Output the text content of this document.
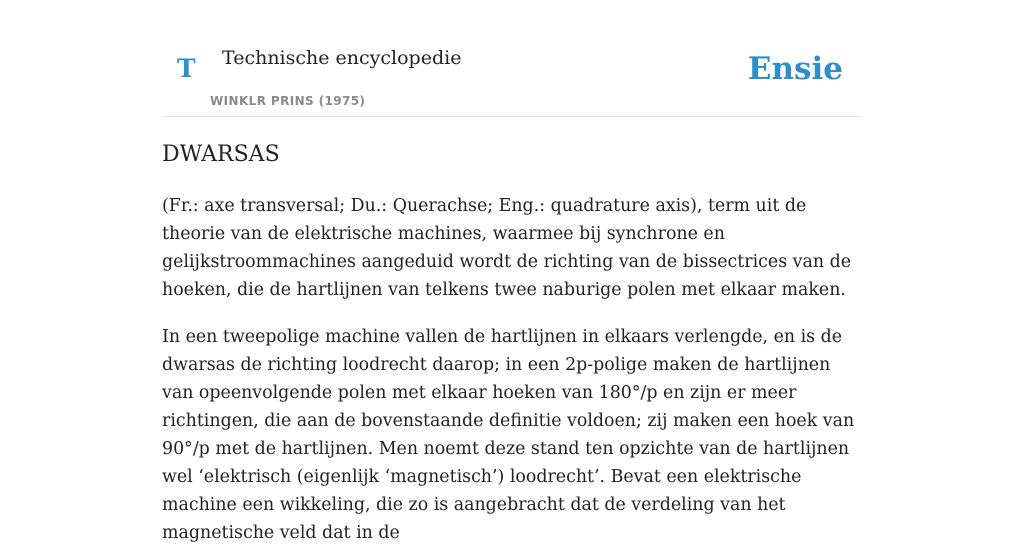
T Technische encyclopedie
WINKLR PRINS (1975)
Ensie
DWARSAS

(Fr.: axe transversal; Du.: Querachse; Eng.: quadrature axis), term uit de theorie van de elektrische machines, waarmee bij synchrone en gelijkstroommachines aangeduid wordt de richting van de bissectrices van de hoeken, die de hartlijnen van telkens twee naburige polen met elkaar maken.

In een tweepolige machine vallen de hartlijnen in elkaars verlengde, en is de dwarsas de richting loodrecht daarop; in een 2p-polige maken de hartlijnen van opeenvolgende polen met elkaar hoeken van 180°/p en zijn er meer richtingen, die aan de bovenstaande definitie voldoen; zij maken een hoek van 90°/p met de hartlijnen. Men noemt deze stand ten opzichte van de hartlijnen wel ‘elektrisch (eigenlijk ‘magnetisch’) loodrecht’. Bevat een elektrische machine een wikkeling, die zo is aangebracht dat de verdeling van het magnetische veld dat in de
